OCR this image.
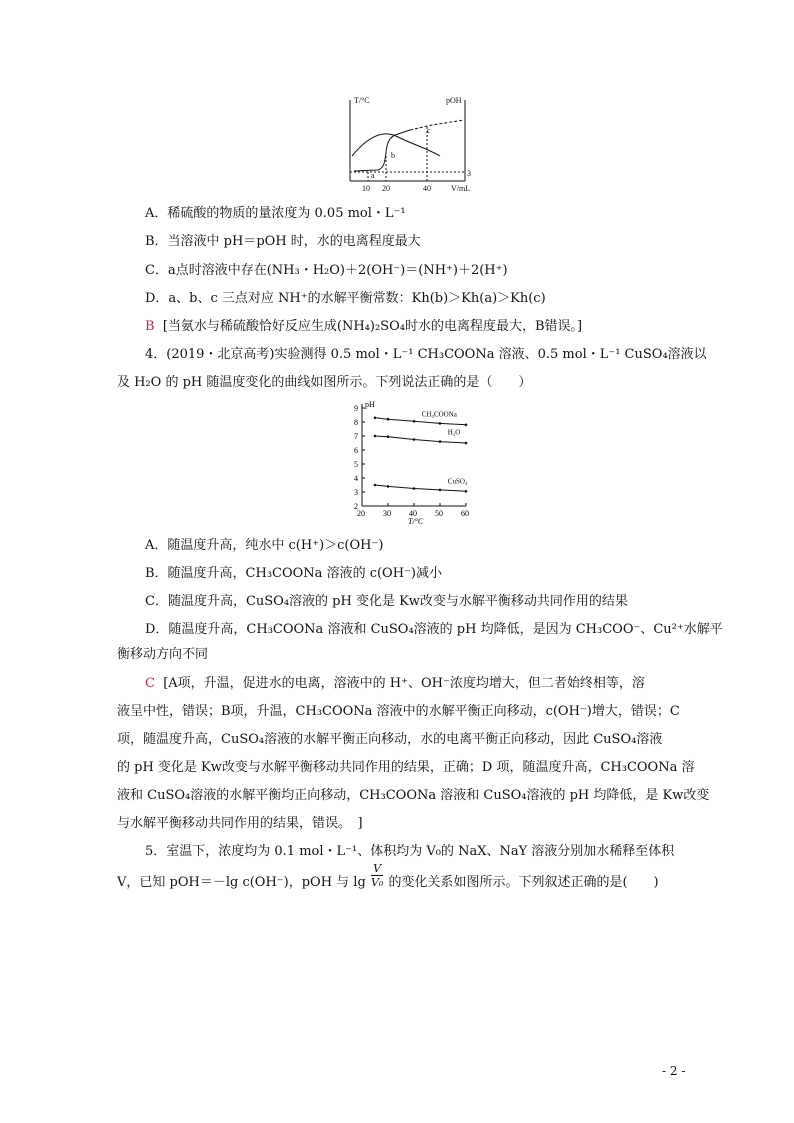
T/°C	pOH
10 20	40	V/mL
3
a
b
c
A．稀硫酸的物质的量浓度为 0.05 mol・L⁻¹
B．当溶液中 pH＝pOH 时，水的电离程度最大
C．a点时溶液中存在(NH₃・H₂O)＋2(OH⁻)＝(NH⁺)＋2(H⁺)
D．a、b、c 三点对应 NH⁺的水解平衡常数：Kh(b)＞Kh(a)＞Kh(c)
B [当氨水与稀硫酸恰好反应生成(NH₄)₂SO₄时水的电离程度最大，B错误。]
4．(2019・北京高考)实验测得 0.5 mol・L⁻¹ CH₃COONa 溶液、0.5 mol・L⁻¹ CuSO₄溶液以
及 H₂O 的 pH 随温度变化的曲线如图所示。下列说法正确的是（　　）
pH
T/°C
2
3
4
5
6
7
8
9
20 30 40 50 60
CH₃COONa
H₂O
CuSO₄
A．随温度升高，纯水中 c(H⁺)＞c(OH⁻)
B．随温度升高，CH₃COONa 溶液的 c(OH⁻)减小
C．随温度升高，CuSO₄溶液的 pH 变化是 Kw改变与水解平衡移动共同作用的结果
D．随温度升高，CH₃COONa 溶液和 CuSO₄溶液的 pH 均降低，是因为 CH₃COO⁻、Cu²⁺水解平
衡移动方向不同
C [A项，升温，促进水的电离，溶液中的 H⁺、OH⁻浓度均增大，但二者始终相等，溶
液呈中性，错误；B项，升温，CH₃COONa 溶液中的水解平衡正向移动，c(OH⁻)增大，错误；C
项，随温度升高，CuSO₄溶液的水解平衡正向移动，水的电离平衡正向移动，因此 CuSO₄溶液
的 pH 变化是 Kw改变与水解平衡移动共同作用的结果，正确；D 项，随温度升高，CH₃COONa 溶
液和 CuSO₄溶液的水解平衡均正向移动，CH₃COONa 溶液和 CuSO₄溶液的 pH 均降低，是 Kw改变
与水解平衡移动共同作用的结果，错误。　]
5．室温下，浓度均为 0.1 mol・L⁻¹、体积均为 V₀的 NaX、NaY 溶液分别加水稀释至体积
V，已知 pOH＝－lg c(OH⁻)，pOH 与 $\lg \frac{V}{\text{V₀}}$ 的变化关系如图所示。下列叙述正确的是(　　)
- 2 -
